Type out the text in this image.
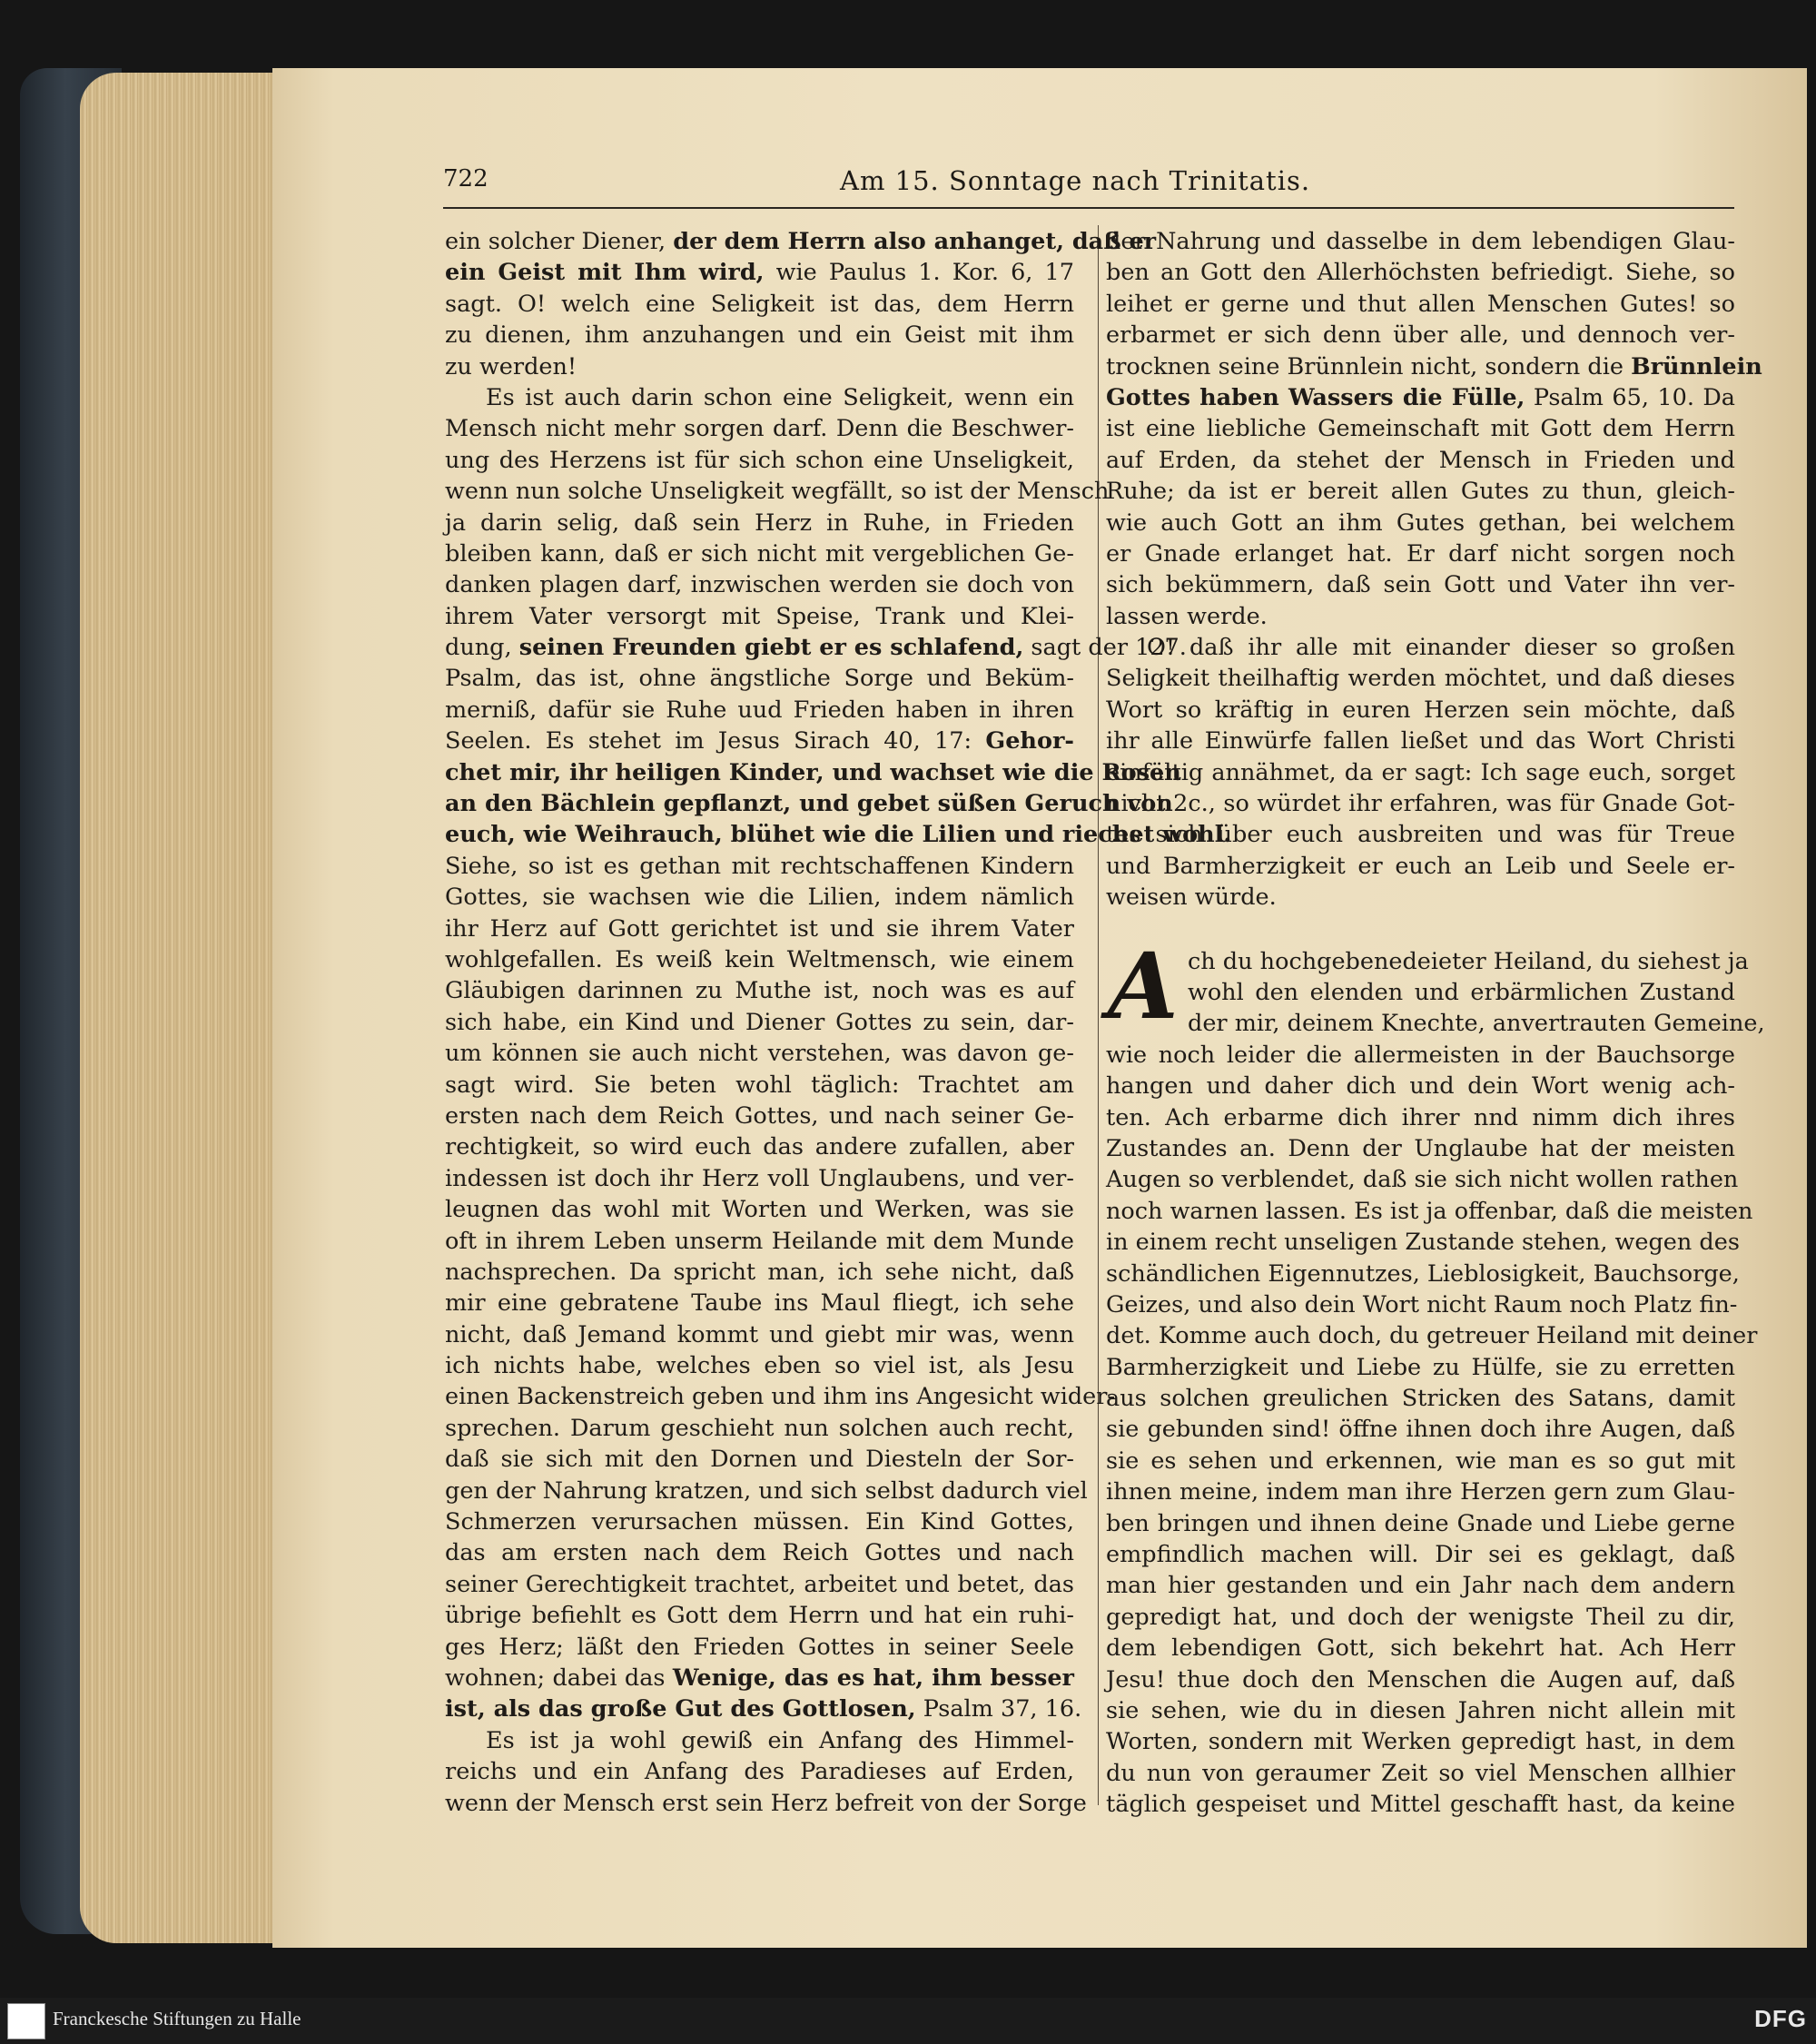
722	Am 15. Sonntage nach Trinitatis.
ein solcher Diener, der dem Herrn also anhanget, daß er
ein Geist mit Ihm wird, wie Paulus 1. Kor. 6, 17
sagt. O! welch eine Seligkeit ist das, dem Herrn
zu dienen, ihm anzuhangen und ein Geist mit ihm
zu werden!
Es ist auch darin schon eine Seligkeit, wenn ein
Mensch nicht mehr sorgen darf. Denn die Beschwer-
ung des Herzens ist für sich schon eine Unseligkeit,
wenn nun solche Unseligkeit wegfällt, so ist der Mensch
ja darin selig, daß sein Herz in Ruhe, in Frieden
bleiben kann, daß er sich nicht mit vergeblichen Ge-
danken plagen darf, inzwischen werden sie doch von
ihrem Vater versorgt mit Speise, Trank und Klei-
dung, seinen Freunden giebt er es schlafend, sagt der 127.
Psalm, das ist, ohne ängstliche Sorge und Beküm-
merniß, dafür sie Ruhe uud Frieden haben in ihren
Seelen. Es stehet im Jesus Sirach 40, 17: Gehor-
chet mir, ihr heiligen Kinder, und wachset wie die Rosen
an den Bächlein gepflanzt, und gebet süßen Geruch von
euch, wie Weihrauch, blühet wie die Lilien und riechet wohl.
Siehe, so ist es gethan mit rechtschaffenen Kindern
Gottes, sie wachsen wie die Lilien, indem nämlich
ihr Herz auf Gott gerichtet ist und sie ihrem Vater
wohlgefallen. Es weiß kein Weltmensch, wie einem
Gläubigen darinnen zu Muthe ist, noch was es auf
sich habe, ein Kind und Diener Gottes zu sein, dar-
um können sie auch nicht verstehen, was davon ge-
sagt wird. Sie beten wohl täglich: Trachtet am
ersten nach dem Reich Gottes, und nach seiner Ge-
rechtigkeit, so wird euch das andere zufallen, aber
indessen ist doch ihr Herz voll Unglaubens, und ver-
leugnen das wohl mit Worten und Werken, was sie
oft in ihrem Leben unserm Heilande mit dem Munde
nachsprechen. Da spricht man, ich sehe nicht, daß
mir eine gebratene Taube ins Maul fliegt, ich sehe
nicht, daß Jemand kommt und giebt mir was, wenn
ich nichts habe, welches eben so viel ist, als Jesu
einen Backenstreich geben und ihm ins Angesicht wider-
sprechen. Darum geschieht nun solchen auch recht,
daß sie sich mit den Dornen und Diesteln der Sor-
gen der Nahrung kratzen, und sich selbst dadurch viel
Schmerzen verursachen müssen. Ein Kind Gottes,
das am ersten nach dem Reich Gottes und nach
seiner Gerechtigkeit trachtet, arbeitet und betet, das
übrige befiehlt es Gott dem Herrn und hat ein ruhi-
ges Herz; läßt den Frieden Gottes in seiner Seele
wohnen; dabei das Wenige, das es hat, ihm besser
ist, als das große Gut des Gottlosen, Psalm 37, 16.
Es ist ja wohl gewiß ein Anfang des Himmel-
reichs und ein Anfang des Paradieses auf Erden,
wenn der Mensch erst sein Herz befreit von der Sorge
der Nahrung und dasselbe in dem lebendigen Glau-
ben an Gott den Allerhöchsten befriedigt. Siehe, so
leihet er gerne und thut allen Menschen Gutes! so
erbarmet er sich denn über alle, und dennoch ver-
trocknen seine Brünnlein nicht, sondern die Brünnlein
Gottes haben Wassers die Fülle, Psalm 65, 10. Da
ist eine liebliche Gemeinschaft mit Gott dem Herrn
auf Erden, da stehet der Mensch in Frieden und
Ruhe; da ist er bereit allen Gutes zu thun, gleich-
wie auch Gott an ihm Gutes gethan, bei welchem
er Gnade erlanget hat. Er darf nicht sorgen noch
sich bekümmern, daß sein Gott und Vater ihn ver-
lassen werde.
O! daß ihr alle mit einander dieser so großen
Seligkeit theilhaftig werden möchtet, und daß dieses
Wort so kräftig in euren Herzen sein möchte, daß
ihr alle Einwürfe fallen ließet und das Wort Christi
einfältig annähmet, da er sagt: Ich sage euch, sorget
nicht 2c., so würdet ihr erfahren, was für Gnade Got-
tes sich über euch ausbreiten und was für Treue
und Barmherzigkeit er euch an Leib und Seele er-
weisen würde.
ch du hochgebenedeieter Heiland, du siehest ja
wohl den elenden und erbärmlichen Zustand
der mir, deinem Knechte, anvertrauten Gemeine,
wie noch leider die allermeisten in der Bauchsorge
hangen und daher dich und dein Wort wenig ach-
ten. Ach erbarme dich ihrer nnd nimm dich ihres
Zustandes an. Denn der Unglaube hat der meisten
Augen so verblendet, daß sie sich nicht wollen rathen
noch warnen lassen. Es ist ja offenbar, daß die meisten
in einem recht unseligen Zustande stehen, wegen des
schändlichen Eigennutzes, Lieblosigkeit, Bauchsorge,
Geizes, und also dein Wort nicht Raum noch Platz fin-
det. Komme auch doch, du getreuer Heiland mit deiner
Barmherzigkeit und Liebe zu Hülfe, sie zu erretten
aus solchen greulichen Stricken des Satans, damit
sie gebunden sind! öffne ihnen doch ihre Augen, daß
sie es sehen und erkennen, wie man es so gut mit
ihnen meine, indem man ihre Herzen gern zum Glau-
ben bringen und ihnen deine Gnade und Liebe gerne
empfindlich machen will. Dir sei es geklagt, daß
man hier gestanden und ein Jahr nach dem andern
gepredigt hat, und doch der wenigste Theil zu dir,
dem lebendigen Gott, sich bekehrt hat. Ach Herr
Jesu! thue doch den Menschen die Augen auf, daß
sie sehen, wie du in diesen Jahren nicht allein mit
Worten, sondern mit Werken gepredigt hast, in dem
du nun von geraumer Zeit so viel Menschen allhier
täglich gespeiset und Mittel geschafft hast, da keine
A
Franckesche Stiftungen zu Halle	DFG
